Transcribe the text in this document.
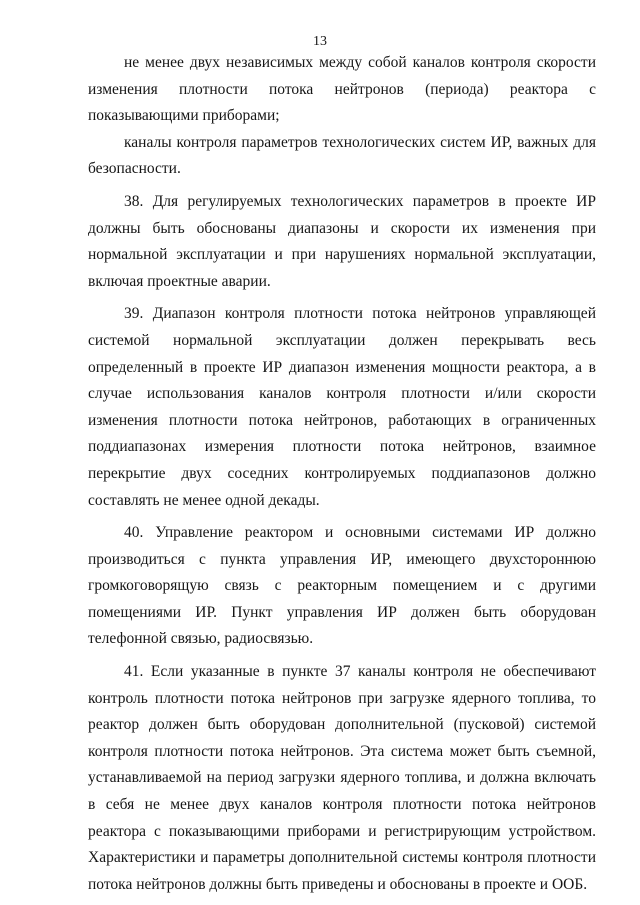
13

не менее двух независимых между собой каналов контроля скорости изменения плотности потока нейтронов (периода) реактора с показывающими приборами;

каналы контроля параметров технологических систем ИР, важных для безопасности.

38. Для регулируемых технологических параметров в проекте ИР должны быть обоснованы диапазоны и скорости их изменения при нормальной эксплуатации и при нарушениях нормальной эксплуатации, включая проектные аварии.

39. Диапазон контроля плотности потока нейтронов управляющей системой нормальной эксплуатации должен перекрывать весь определенный в проекте ИР диапазон изменения мощности реактора, а в случае использования каналов контроля плотности и/или скорости изменения плотности потока нейтронов, работающих в ограниченных поддиапазонах измерения плотности потока нейтронов, взаимное перекрытие двух соседних контролируемых поддиапазонов должно составлять не менее одной декады.

40. Управление реактором и основными системами ИР должно производиться с пункта управления ИР, имеющего двухстороннюю громкоговорящую связь с реакторным помещением и с другими помещениями ИР. Пункт управления ИР должен быть оборудован телефонной связью, радиосвязью.

41. Если указанные в пункте 37 каналы контроля не обеспечивают контроль плотности потока нейтронов при загрузке ядерного топлива, то реактор должен быть оборудован дополнительной (пусковой) системой контроля плотности потока нейтронов. Эта система может быть съемной, устанавливаемой на период загрузки ядерного топлива, и должна включать в себя не менее двух каналов контроля плотности потока нейтронов реактора с показывающими приборами и регистрирующим устройством. Характеристики и параметры дополнительной системы контроля плотности потока нейтронов должны быть приведены и обоснованы в проекте и ООБ.
